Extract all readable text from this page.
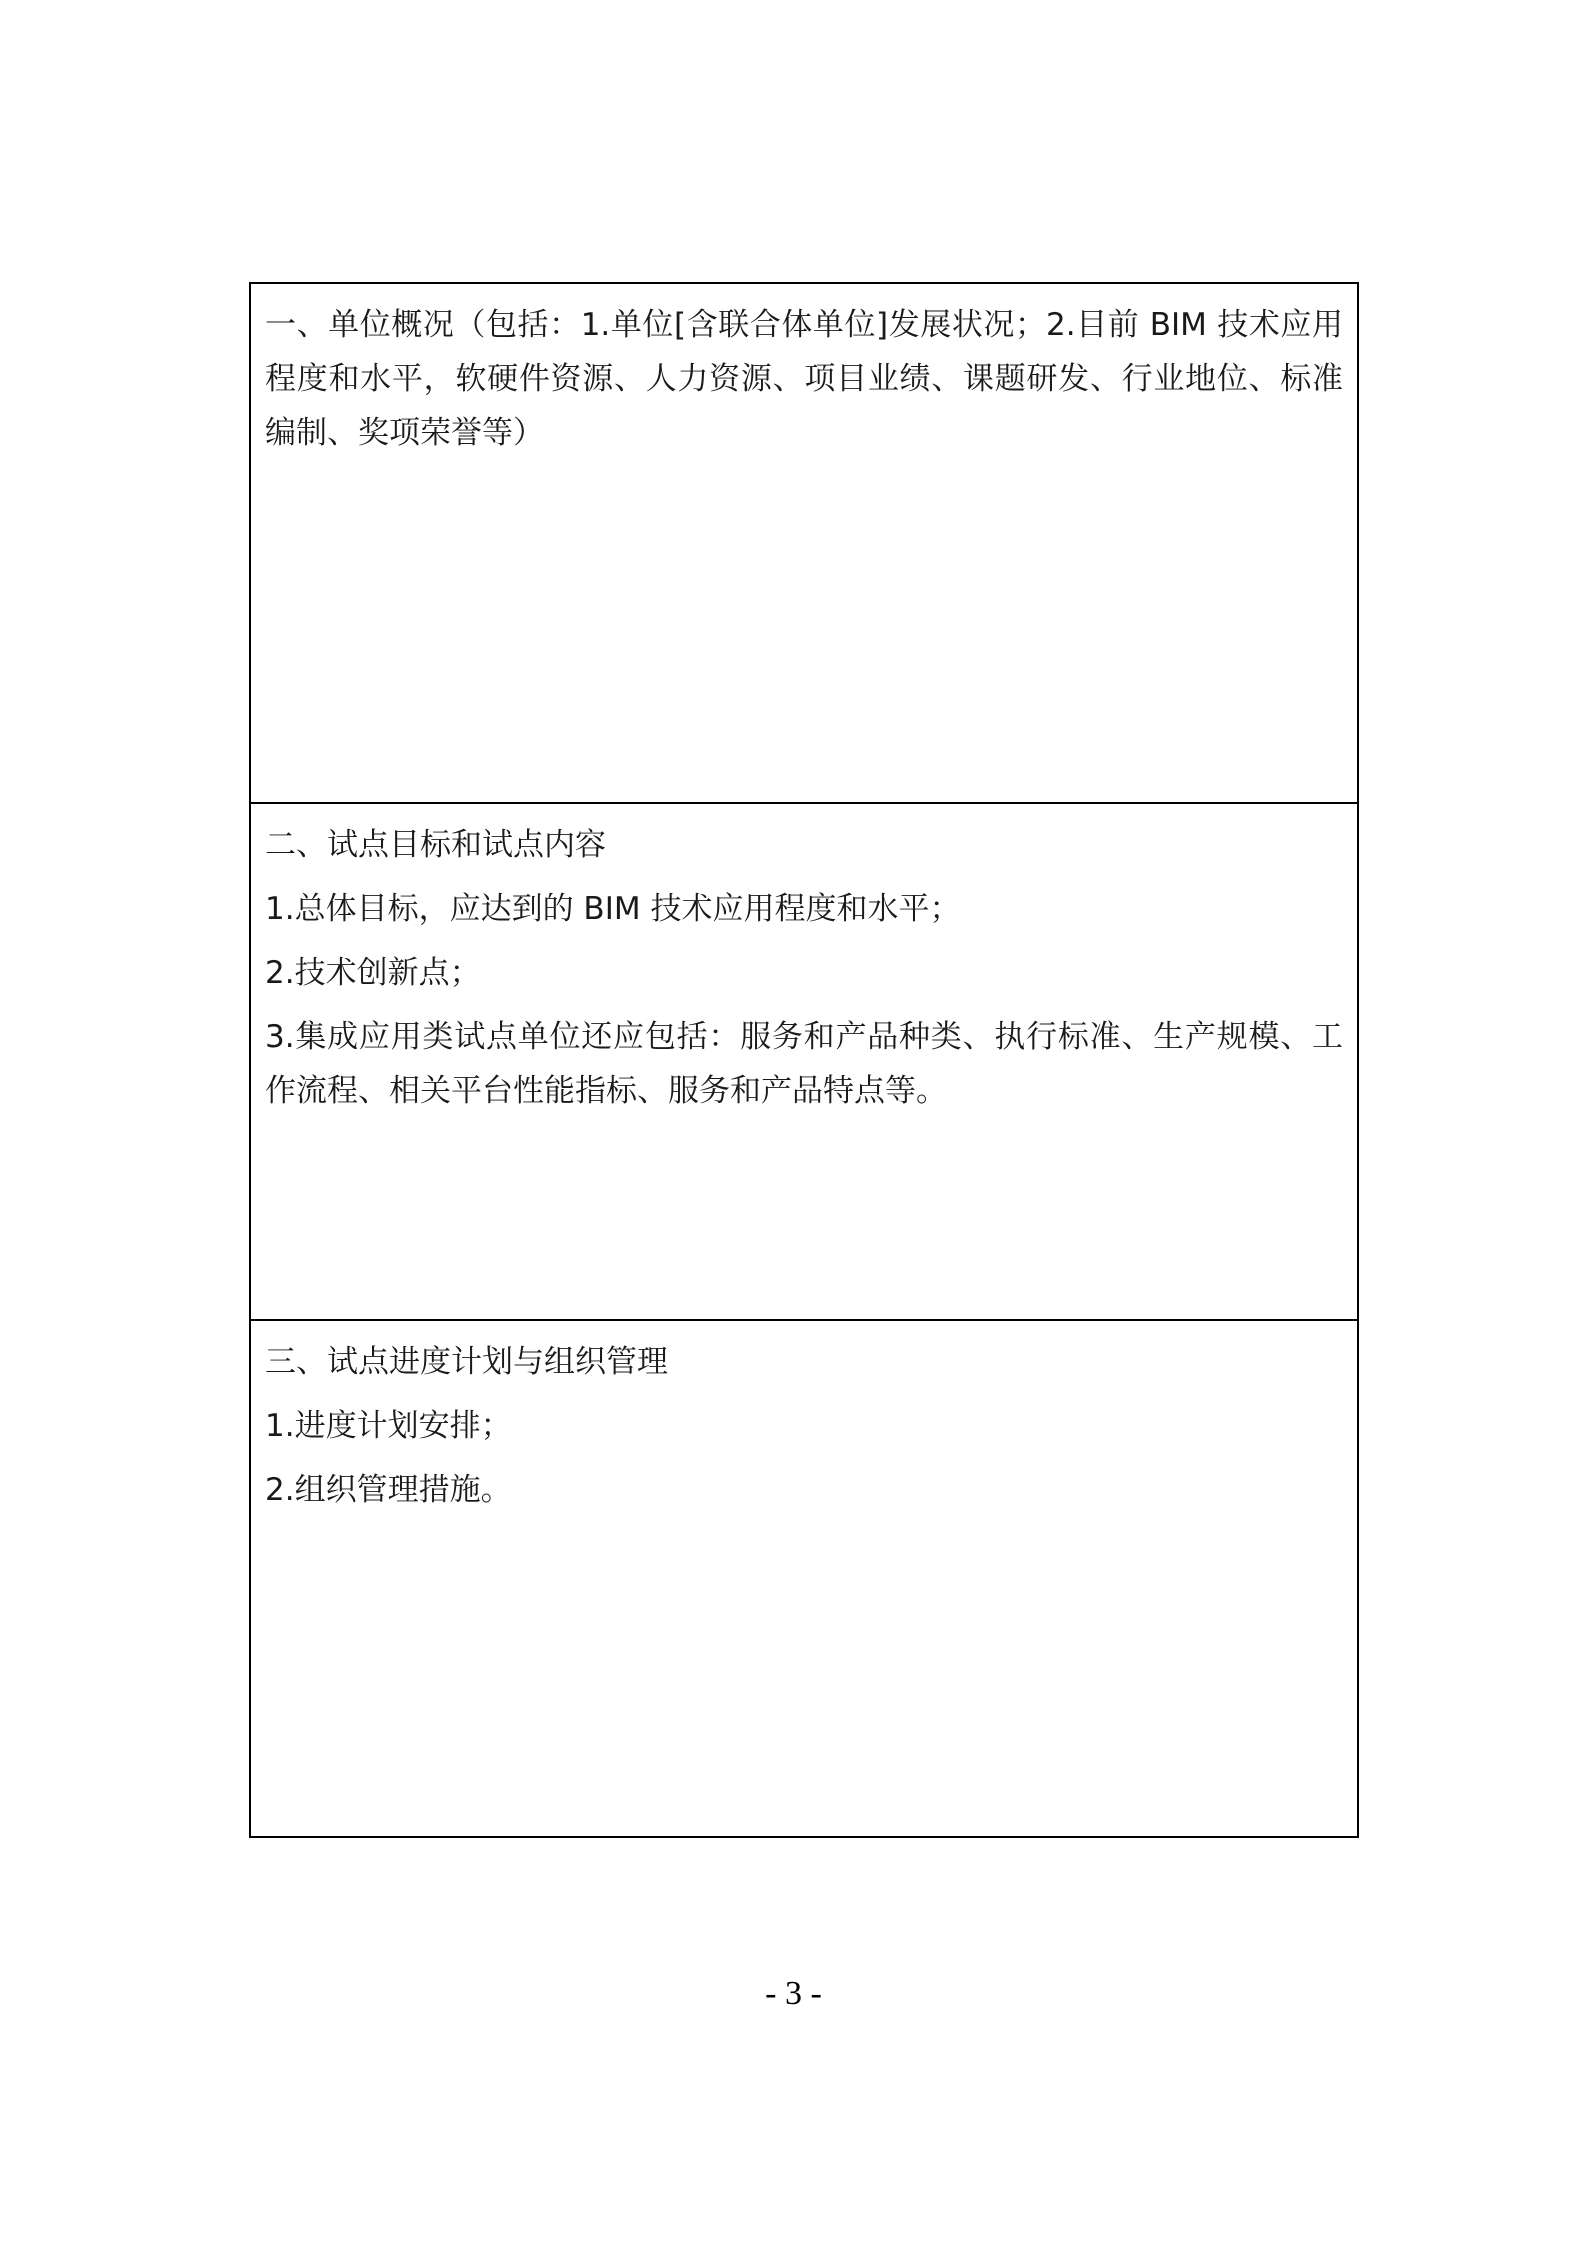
一、单位概况（包括：1.单位[含联合体单位]发展状况；2.目前 BIM 技术应用程度和水平，软硬件资源、人力资源、项目业绩、课题研发、行业地位、标准编制、奖项荣誉等）

二、试点目标和试点内容

1.总体目标，应达到的 BIM 技术应用程度和水平；

2.技术创新点；

3.集成应用类试点单位还应包括：服务和产品种类、执行标准、生产规模、工作流程、相关平台性能指标、服务和产品特点等。

三、试点进度计划与组织管理

1.进度计划安排；

2.组织管理措施。

- 3 -
